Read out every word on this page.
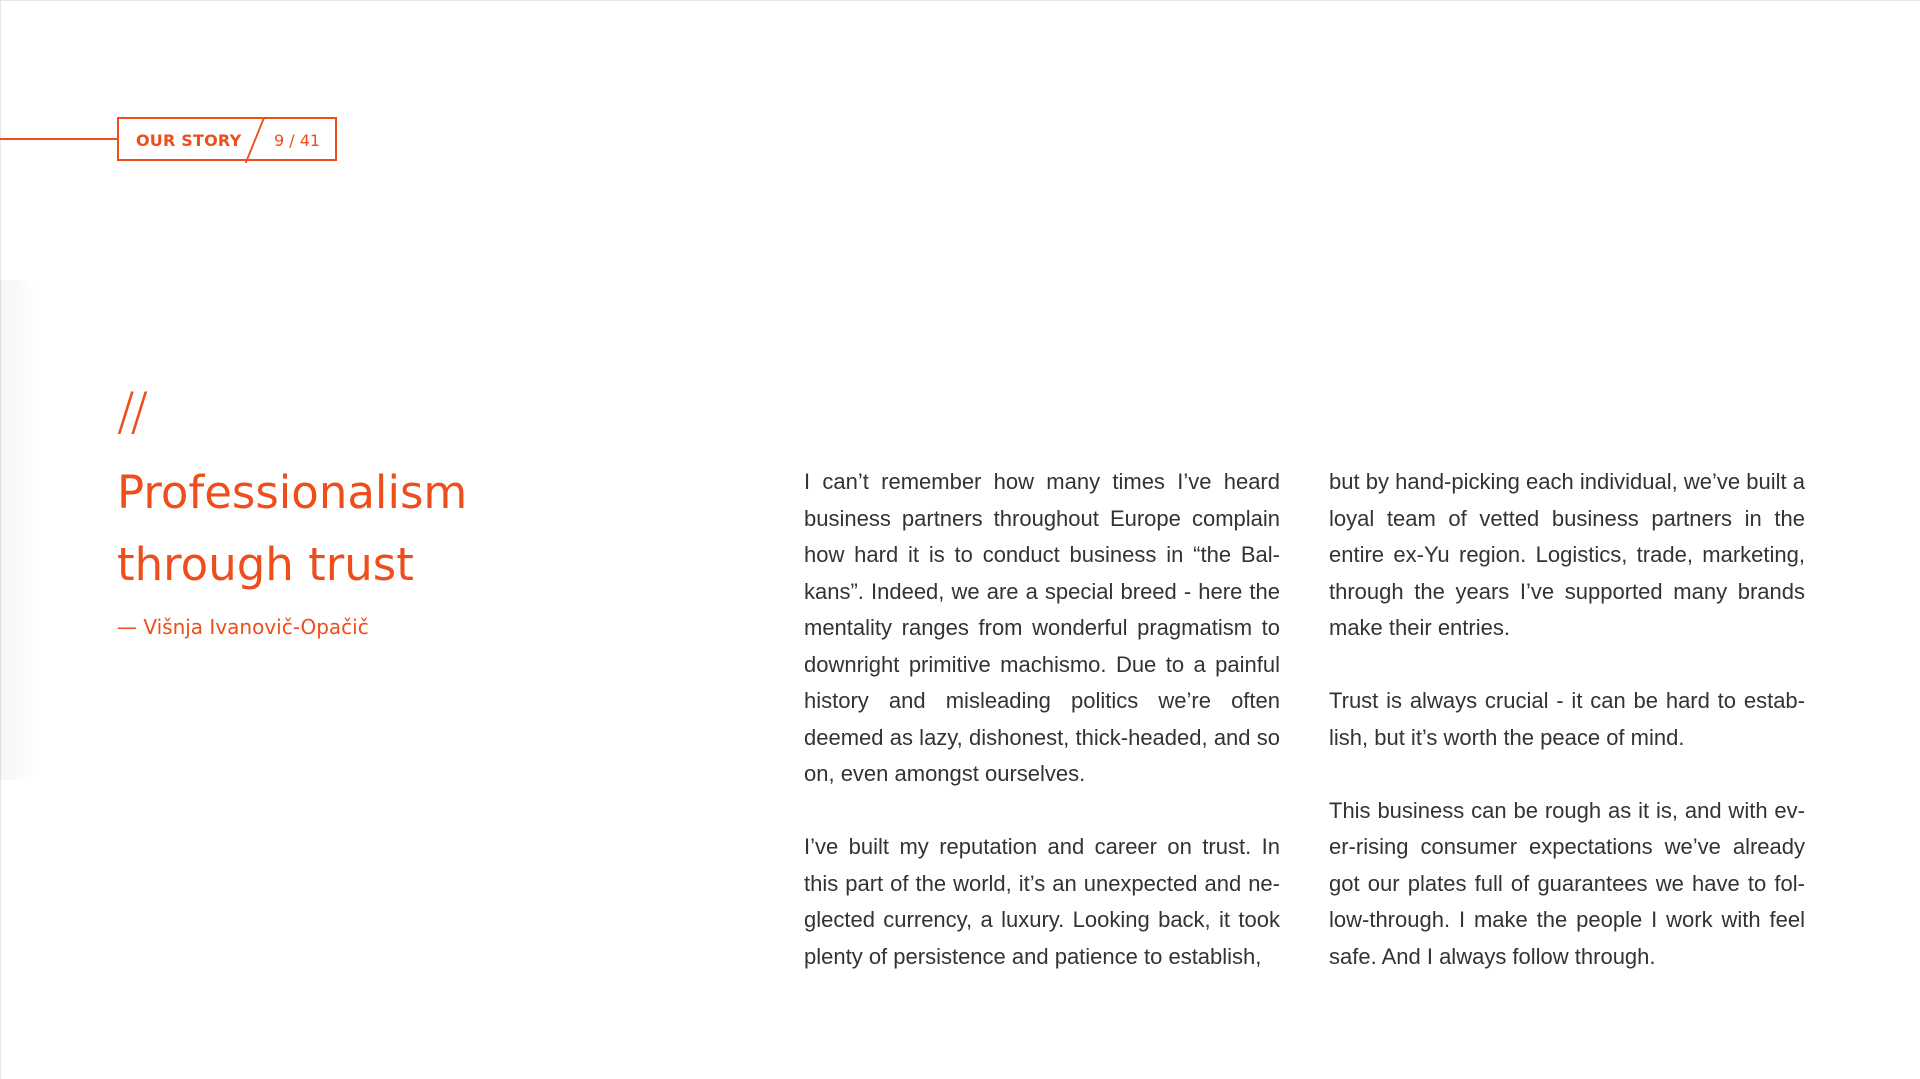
OUR STORY 9 / 41
//
Professionalism
through trust
— Višnja Ivanovič-Opačič

I can’t remember how many times I’ve heard business partners throughout Europe complain how hard it is to conduct business in “the Balkans”. Indeed, we are a special breed - here the mentality ranges from wonderful pragmatism to downright primitive machismo. Due to a painful history and misleading politics we’re often deemed as lazy, dishonest, thick-headed, and so on, even amongst ourselves.

I’ve built my reputation and career on trust. In this part of the world, it’s an unexpected and neglected currency, a luxury. Looking back, it took plenty of persistence and patience to establish,

but by hand-picking each individual, we’ve built a loyal team of vetted business partners in the entire ex-Yu region. Logistics, trade, marketing, through the years I’ve supported many brands make their entries.

Trust is always crucial - it can be hard to establish, but it’s worth the peace of mind.

This business can be rough as it is, and with ever-rising consumer expectations we’ve already got our plates full of guarantees we have to follow-through. I make the people I work with feel safe. And I always follow through.
